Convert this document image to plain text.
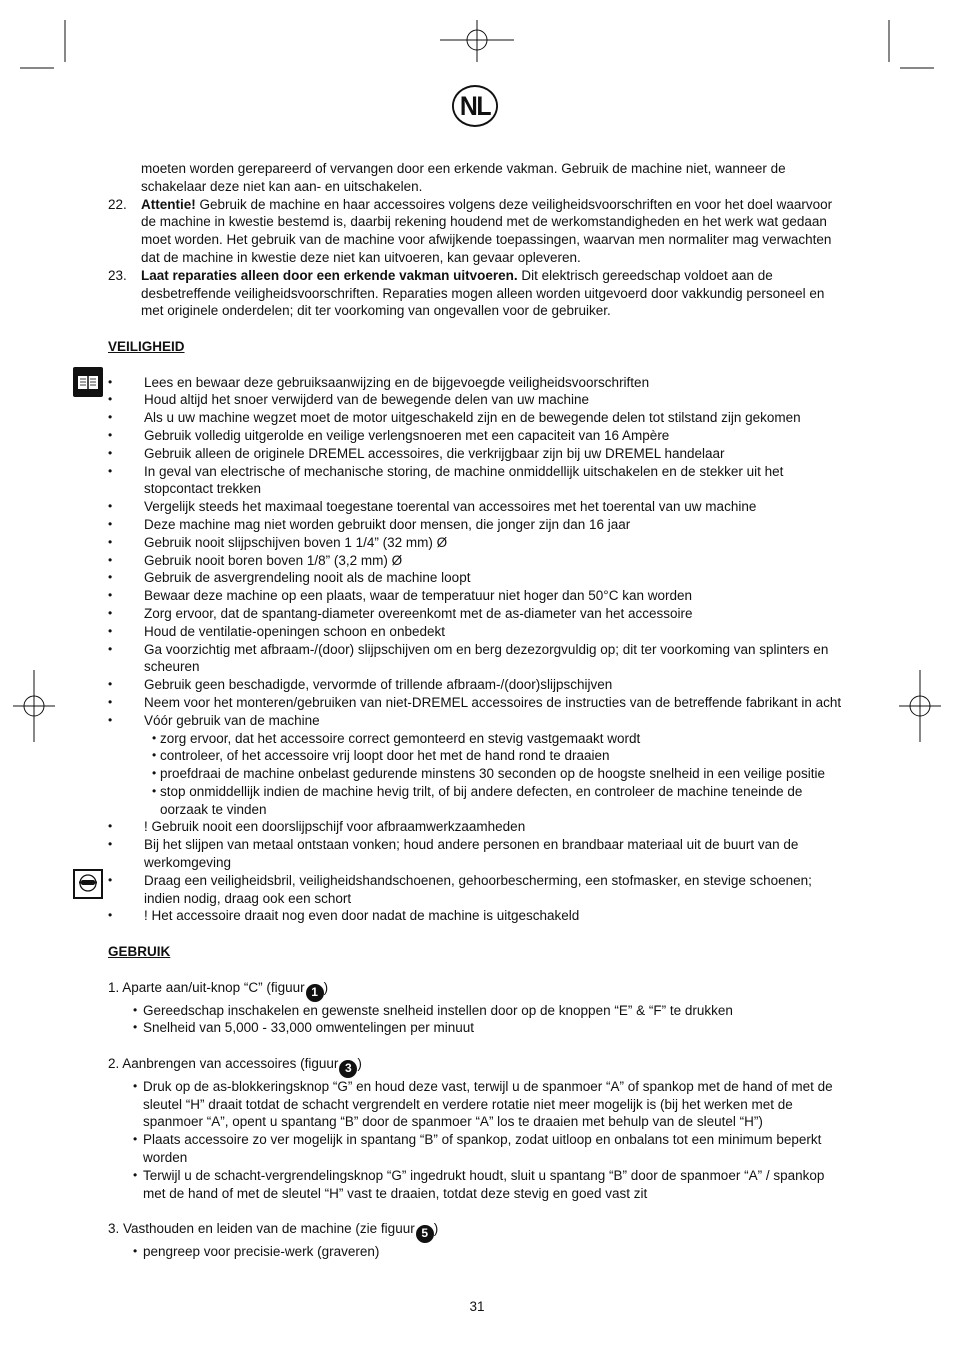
NL

moeten worden gerepareerd of vervangen door een erkende vakman. Gebruik de machine niet, wanneer de schakelaar deze niet kan aan- en uitschakelen.

22.	Attentie! Gebruik de machine en haar accessoires volgens deze veiligheidsvoorschriften en voor het doel waarvoor de machine in kwestie bestemd is, daarbij rekening houdend met de werkomstandigheden en het werk wat gedaan moet worden. Het gebruik van de machine voor afwijkende toepassingen, waarvan men normaliter mag verwachten dat de machine in kwestie deze niet kan uitvoeren, kan gevaar opleveren.
23.	Laat reparaties alleen door een erkende vakman uitvoeren. Dit elektrisch gereedschap voldoet aan de desbetreffende veiligheidsvoorschriften. Reparaties mogen alleen worden uitgevoerd door vakkundig personeel en met originele onderdelen; dit ter voorkoming van ongevallen voor de gebruiker.

VEILIGHEID

•	Lees en bewaar deze gebruiksaanwijzing en de bijgevoegde veiligheidsvoorschriften
•	Houd altijd het snoer verwijderd van de bewegende delen van uw machine
•	Als u uw machine wegzet moet de motor uitgeschakeld zijn en de bewegende delen tot stilstand zijn gekomen
•	Gebruik volledig uitgerolde en veilige verlengsnoeren met een capaciteit van 16 Ampère
•	Gebruik alleen de originele DREMEL accessoires, die verkrijgbaar zijn bij uw DREMEL handelaar
•	In geval van electrische of mechanische storing, de machine onmiddellijk uitschakelen en de stekker uit het stopcontact trekken
•	Vergelijk steeds het maximaal toegestane toerental van accessoires met het toerental van uw machine
•	Deze machine mag niet worden gebruikt door mensen, die jonger zijn dan 16 jaar
•	Gebruik nooit slijpschijven boven 1 1/4” (32 mm) Ø
•	Gebruik nooit boren boven 1/8” (3,2 mm) Ø
•	Gebruik de asvergrendeling nooit als de machine loopt
•	Bewaar deze machine op een plaats, waar de temperatuur niet hoger dan 50°C kan worden
•	Zorg ervoor, dat de spantang-diameter overeenkomt met de as-diameter van het accessoire
•	Houd de ventilatie-openingen schoon en onbedekt
•	Ga voorzichtig met afbraam-/(door) slijpschijven om en berg dezezorgvuldig op; dit ter voorkoming van splinters en scheuren
•	Gebruik geen beschadigde, vervormde of trillende afbraam-/(door)slijpschijven
•	Neem voor het monteren/gebruiken van niet-DREMEL accessoires de instructies van de betreffende fabrikant in acht
•	Vóór gebruik van de machine
• zorg ervoor, dat het accessoire correct gemonteerd en stevig vastgemaakt wordt
• controleer, of het accessoire vrij loopt door het met de hand rond te draaien
• proefdraai de machine onbelast gedurende minstens 30 seconden op de hoogste snelheid in een veilige positie
• stop onmiddellijk indien de machine hevig trilt, of bij andere defecten, en controleer de machine teneinde de oorzaak te vinden
•	! Gebruik nooit een doorslijpschijf voor afbraamwerkzaamheden
•	Bij het slijpen van metaal ontstaan vonken; houd andere personen en brandbaar materiaal uit de buurt van de werkomgeving
•	Draag een veiligheidsbril, veiligheidshandschoenen, gehoorbescherming, een stofmasker, en stevige schoenen; indien nodig, draag ook een schort
•	! Het accessoire draait nog even door nadat de machine is uitgeschakeld

GEBRUIK

1. Aparte aan/uit-knop “C” (figuur 1 )

• Gereedschap inschakelen en gewenste snelheid instellen door op de knoppen “E” & “F” te drukken
• Snelheid van 5,000 - 33,000 omwentelingen per minuut

2. Aanbrengen van accessoires (figuur 3 )

• Druk op de as-blokkeringsknop “G” en houd deze vast, terwijl u de spanmoer “A” of spankop met de hand of met de sleutel “H” draait totdat de schacht vergrendelt en verdere rotatie niet meer mogelijk is (bij het werken met de spanmoer “A”, opent u spantang “B” door de spanmoer “A” los te draaien met behulp van de sleutel “H”)
• Plaats accessoire zo ver mogelijk in spantang “B” of spankop, zodat uitloop en onbalans tot een minimum beperkt worden
• Terwijl u de schacht-vergrendelingsknop “G” ingedrukt houdt, sluit u spantang “B” door de spanmoer “A” / spankop met de hand of met de sleutel “H” vast te draaien, totdat deze stevig en goed vast zit

3. Vasthouden en leiden van de machine (zie figuur 5 )

• pengreep voor precisie-werk (graveren)
31
